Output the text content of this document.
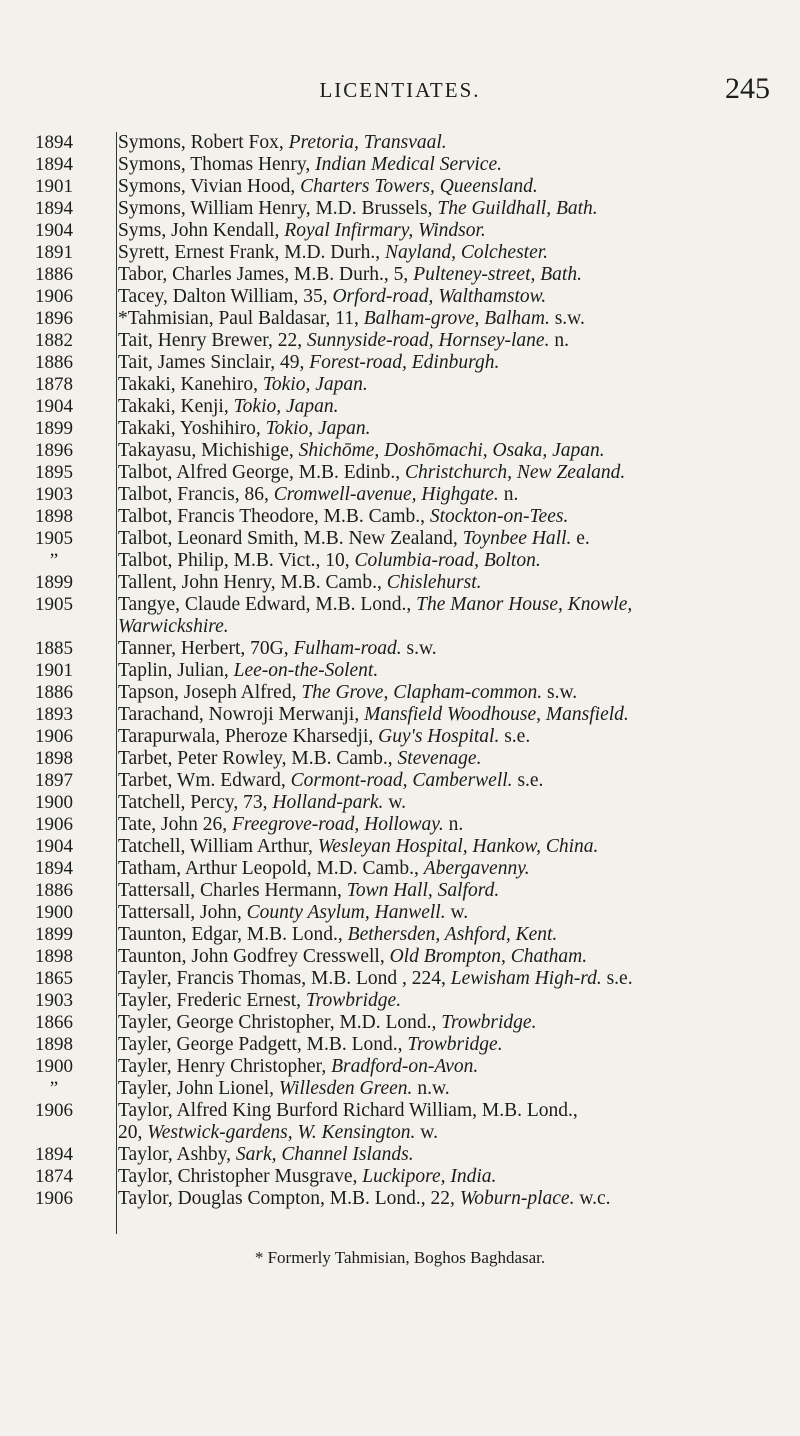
LICENTIATES.	245
1894	Symons, Robert Fox, Pretoria, Transvaal.
1894	Symons, Thomas Henry, Indian Medical Service.
1901	Symons, Vivian Hood, Charters Towers, Queensland.
1894	Symons, William Henry, M.D. Brussels, The Guildhall, Bath.
1904	Syms, John Kendall, Royal Infirmary, Windsor.
1891	Syrett, Ernest Frank, M.D. Durh., Nayland, Colchester.
1886	Tabor, Charles James, M.B. Durh., 5, Pulteney-street, Bath.
1906	Tacey, Dalton William, 35, Orford-road, Walthamstow.
1896	*Tahmisian, Paul Baldasar, 11, Balham-grove, Balham. s.w.
1882	Tait, Henry Brewer, 22, Sunnyside-road, Hornsey-lane. n.
1886	Tait, James Sinclair, 49, Forest-road, Edinburgh.
1878	Takaki, Kanehiro, Tokio, Japan.
1904	Takaki, Kenji, Tokio, Japan.
1899	Takaki, Yoshihiro, Tokio, Japan.
1896	Takayasu, Michishige, Shichōme, Doshōmachi, Osaka, Japan.
1895	Talbot, Alfred George, M.B. Edinb., Christchurch, New Zealand.
1903	Talbot, Francis, 86, Cromwell-avenue, Highgate. n.
1898	Talbot, Francis Theodore, M.B. Camb., Stockton-on-Tees.
1905	Talbot, Leonard Smith, M.B. New Zealand, Toynbee Hall. e.
”	Talbot, Philip, M.B. Vict., 10, Columbia-road, Bolton.
1899	Tallent, John Henry, M.B. Camb., Chislehurst.
1905	Tangye, Claude Edward, M.B. Lond., The Manor House, Knowle,
Warwickshire.
1885	Tanner, Herbert, 70G, Fulham-road. s.w.
1901	Taplin, Julian, Lee-on-the-Solent.
1886	Tapson, Joseph Alfred, The Grove, Clapham-common. s.w.
1893	Tarachand, Nowroji Merwanji, Mansfield Woodhouse, Mansfield.
1906	Tarapurwala, Pheroze Kharsedji, Guy's Hospital. s.e.
1898	Tarbet, Peter Rowley, M.B. Camb., Stevenage.
1897	Tarbet, Wm. Edward, Cormont-road, Camberwell. s.e.
1900	Tatchell, Percy, 73, Holland-park. w.
1906	Tate, John 26, Freegrove-road, Holloway. n.
1904	Tatchell, William Arthur, Wesleyan Hospital, Hankow, China.
1894	Tatham, Arthur Leopold, M.D. Camb., Abergavenny.
1886	Tattersall, Charles Hermann, Town Hall, Salford.
1900	Tattersall, John, County Asylum, Hanwell. w.
1899	Taunton, Edgar, M.B. Lond., Bethersden, Ashford, Kent.
1898	Taunton, John Godfrey Cresswell, Old Brompton, Chatham.
1865	Tayler, Francis Thomas, M.B. Lond , 224, Lewisham High-rd. s.e.
1903	Tayler, Frederic Ernest, Trowbridge.
1866	Tayler, George Christopher, M.D. Lond., Trowbridge.
1898	Tayler, George Padgett, M.B. Lond., Trowbridge.
1900	Tayler, Henry Christopher, Bradford-on-Avon.
”	Tayler, John Lionel, Willesden Green. n.w.
1906	Taylor, Alfred King Burford Richard William, M.B. Lond.,
20, Westwick-gardens, W. Kensington. w.
1894	Taylor, Ashby, Sark, Channel Islands.
1874	Taylor, Christopher Musgrave, Luckipore, India.
1906	Taylor, Douglas Compton, M.B. Lond., 22, Woburn-place. w.c.
* Formerly Tahmisian, Boghos Baghdasar.
